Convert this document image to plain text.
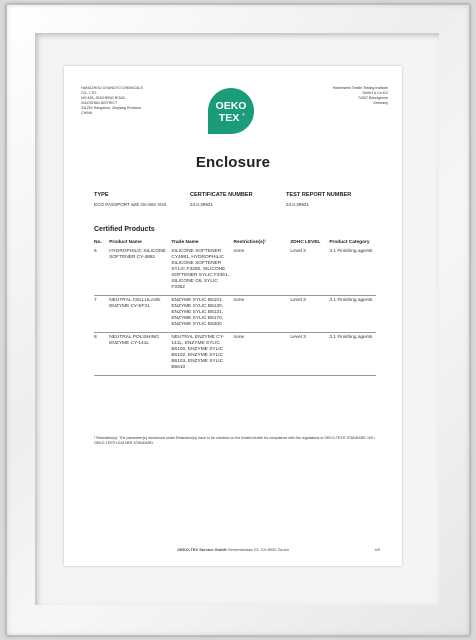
HANGZHOU CHUNGYO CHEMICALS
CO., LTD.
NO.428, JINCHENG ROAD
XIAOSHAN DISTRICT
311202 Hangzhou, Zhejiang Province,
CHINA
Hohenstein Textile Testing Institute
GmbH & Co.KG
74357 Bönnigheim
Germany
OEKO
TEX ®
Enclosure
TYPE
ECO PASSPORT with On-Site Visit
CERTIFICATE NUMBER
24.0.38921
TEST REPORT NUMBER
24.0.38921
Certified Products
No.	Product Name	Trade Name	Restriction(s)¹	ZDHC LEVEL	Product Category
6	HYDROPHILIC SILICONE SOFTENER CY-4881	SILICONE SOFTENER CY4881, HYDROPHILIC SILICONE SOFTENER SYLIC F3250, SILICONE SOFTENER SYLIC F3351, SILICONE OIL SYLIC F3352	none	Level 3	3.1 Finishing agents
7	NEUTRAL CELLULASE ENZYME CY-EF21	ENZYME SYLIC B6101, ENZYME SYLIC B6130, ENZYME SYLIC B6131, ENZYME SYLIC B6170, ENZYME SYLIC B6200	none	Level 3	3.1 Finishing agents
8	NEUTRAL POLISHING ENZYME CY-141L	NEUTRAL ENZYME CY-141L, ENZYME SYLIC B6100, ENZYME SYLIC B6102, ENZYME SYLIC B6103, ENZYME SYLIC B6610	none	Level 3	3.1 Finishing agents
¹ Restriction(s): The parameter(s) mentioned under Restriction(s) have to be checked on the treated textile for compliance with the regulations of OEKO-TEX® STANDARD 100 / OEKO-TEX® LEATHER STANDARD.
OEKO-TEX Service GmbH Genferstrasse 23, CH-8002 Zurich	4/9
